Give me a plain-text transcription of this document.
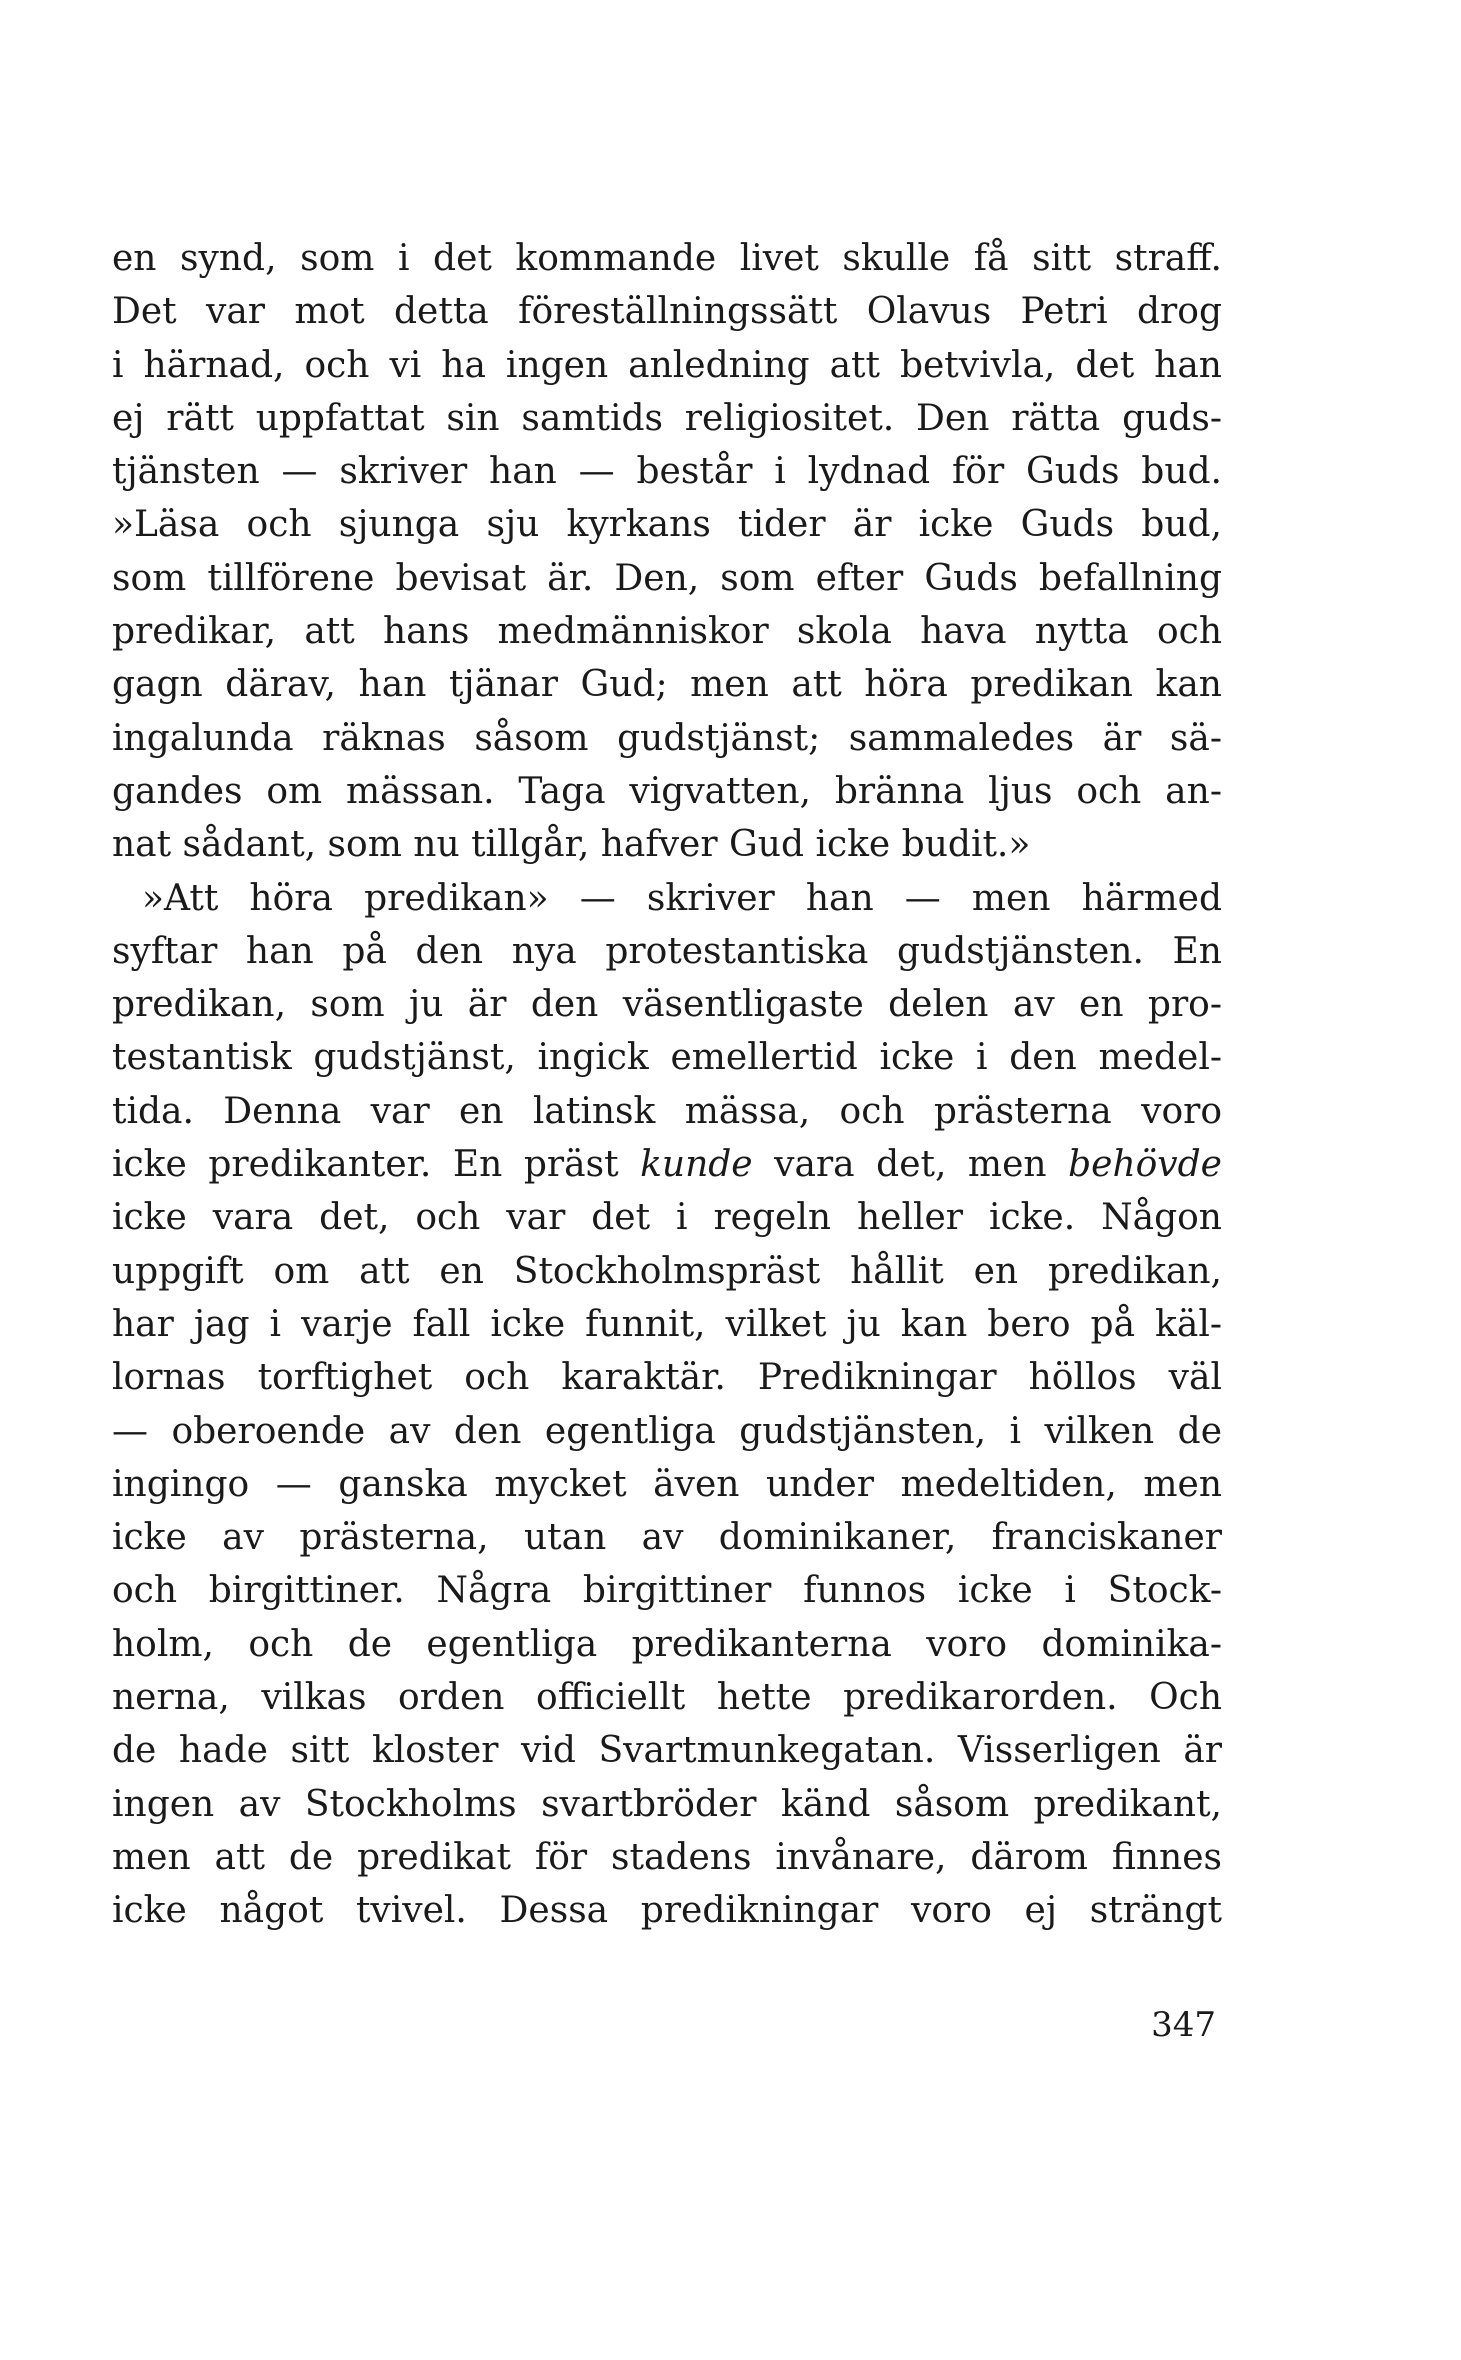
en synd, som i det kommande livet skulle få sitt straff.
Det var mot detta föreställningssätt Olavus Petri drog
i härnad, och vi ha ingen anledning att betvivla, det han
ej rätt uppfattat sin samtids religiositet. Den rätta guds-
tjänsten — skriver han — består i lydnad för Guds bud.
»Läsa och sjunga sju kyrkans tider är icke Guds bud,
som tillförene bevisat är. Den, som efter Guds befallning
predikar, att hans medmänniskor skola hava nytta och
gagn därav, han tjänar Gud; men att höra predikan kan
ingalunda räknas såsom gudstjänst; sammaledes är sä-
gandes om mässan. Taga vigvatten, bränna ljus och an-
nat sådant, som nu tillgår, hafver Gud icke budit.»
»Att höra predikan» — skriver han — men härmed
syftar han på den nya protestantiska gudstjänsten. En
predikan, som ju är den väsentligaste delen av en pro-
testantisk gudstjänst, ingick emellertid icke i den medel-
tida. Denna var en latinsk mässa, och prästerna voro
icke predikanter. En präst kunde vara det, men behövde
icke vara det, och var det i regeln heller icke. Någon
uppgift om att en Stockholmspräst hållit en predikan,
har jag i varje fall icke funnit, vilket ju kan bero på käl-
lornas torftighet och karaktär. Predikningar höllos väl
— oberoende av den egentliga gudstjänsten, i vilken de
ingingo — ganska mycket även under medeltiden, men
icke av prästerna, utan av dominikaner, franciskaner
och birgittiner. Några birgittiner funnos icke i Stock-
holm, och de egentliga predikanterna voro dominika-
nerna, vilkas orden officiellt hette predikarorden. Och
de hade sitt kloster vid Svartmunkegatan. Visserligen är
ingen av Stockholms svartbröder känd såsom predikant,
men att de predikat för stadens invånare, därom finnes
icke något tvivel. Dessa predikningar voro ej strängt
347
